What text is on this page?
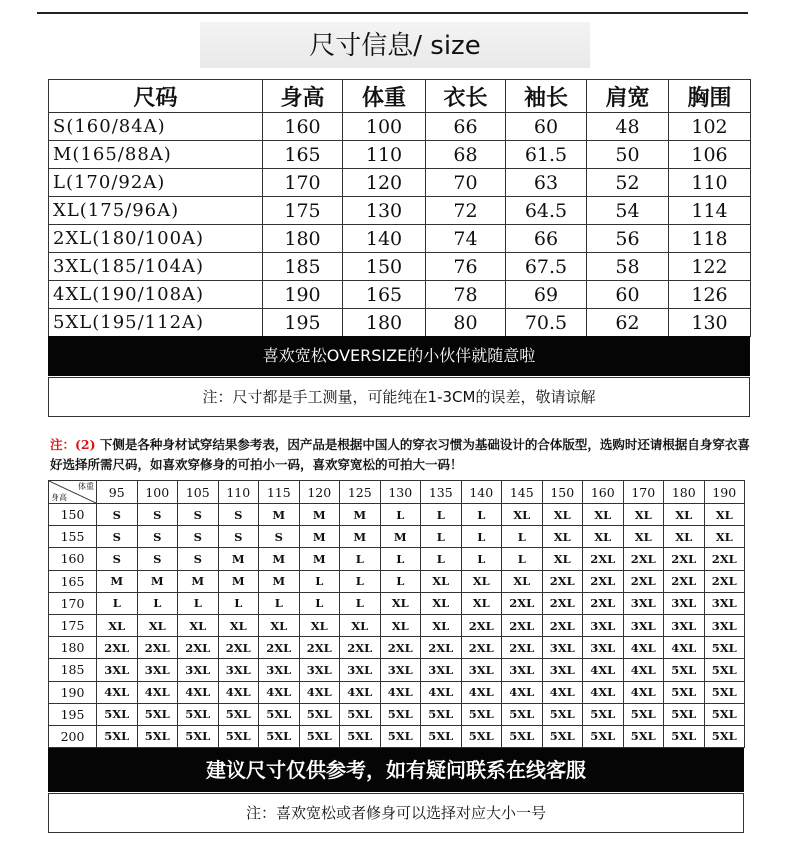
尺寸信息/ size
尺码	身高	体重	衣长	袖长	肩宽	胸围
S(160/84A)	160	100	66	60	48	102
M(165/88A)	165	110	68	61.5	50	106
L(170/92A)	170	120	70	63	52	110
XL(175/96A)	175	130	72	64.5	54	114
2XL(180/100A)	180	140	74	66	56	118
3XL(185/104A)	185	150	76	67.5	58	122
4XL(190/108A)	190	165	78	69	60	126
5XL(195/112A)	195	180	80	70.5	62	130
喜欢宽松OVERSIZE的小伙伴就随意啦
注：尺寸都是手工测量，可能纯在1-3CM的误差，敬请谅解
注：(2) 下侧是各种身材试穿结果参考表，因产品是根据中国人的穿衣习惯为基础设计的合体版型，选购时还请根据自身穿衣喜好选择所需尺码，如喜欢穿修身的可拍小一码，喜欢穿宽松的可拍大一码！
体重
身高	95	100	105	110	115	120	125	130	135	140	145	150	160	170	180	190
150	S	S	S	S	M	M	M	L	L	L	XL	XL	XL	XL	XL	XL
155	S	S	S	S	S	M	M	M	L	L	L	XL	XL	XL	XL	XL
160	S	S	S	M	M	M	L	L	L	L	L	XL	2XL	2XL	2XL	2XL
165	M	M	M	M	M	L	L	L	XL	XL	XL	2XL	2XL	2XL	2XL	2XL
170	L	L	L	L	L	L	L	XL	XL	XL	2XL	2XL	2XL	3XL	3XL	3XL
175	XL	XL	XL	XL	XL	XL	XL	XL	XL	2XL	2XL	2XL	3XL	3XL	3XL	3XL
180	2XL	2XL	2XL	2XL	2XL	2XL	2XL	2XL	2XL	2XL	2XL	3XL	3XL	4XL	4XL	5XL
185	3XL	3XL	3XL	3XL	3XL	3XL	3XL	3XL	3XL	3XL	3XL	3XL	4XL	4XL	5XL	5XL
190	4XL	4XL	4XL	4XL	4XL	4XL	4XL	4XL	4XL	4XL	4XL	4XL	4XL	4XL	5XL	5XL
195	5XL	5XL	5XL	5XL	5XL	5XL	5XL	5XL	5XL	5XL	5XL	5XL	5XL	5XL	5XL	5XL
200	5XL	5XL	5XL	5XL	5XL	5XL	5XL	5XL	5XL	5XL	5XL	5XL	5XL	5XL	5XL	5XL
建议尺寸仅供参考，如有疑问联系在线客服
注：喜欢宽松或者修身可以选择对应大小一号
